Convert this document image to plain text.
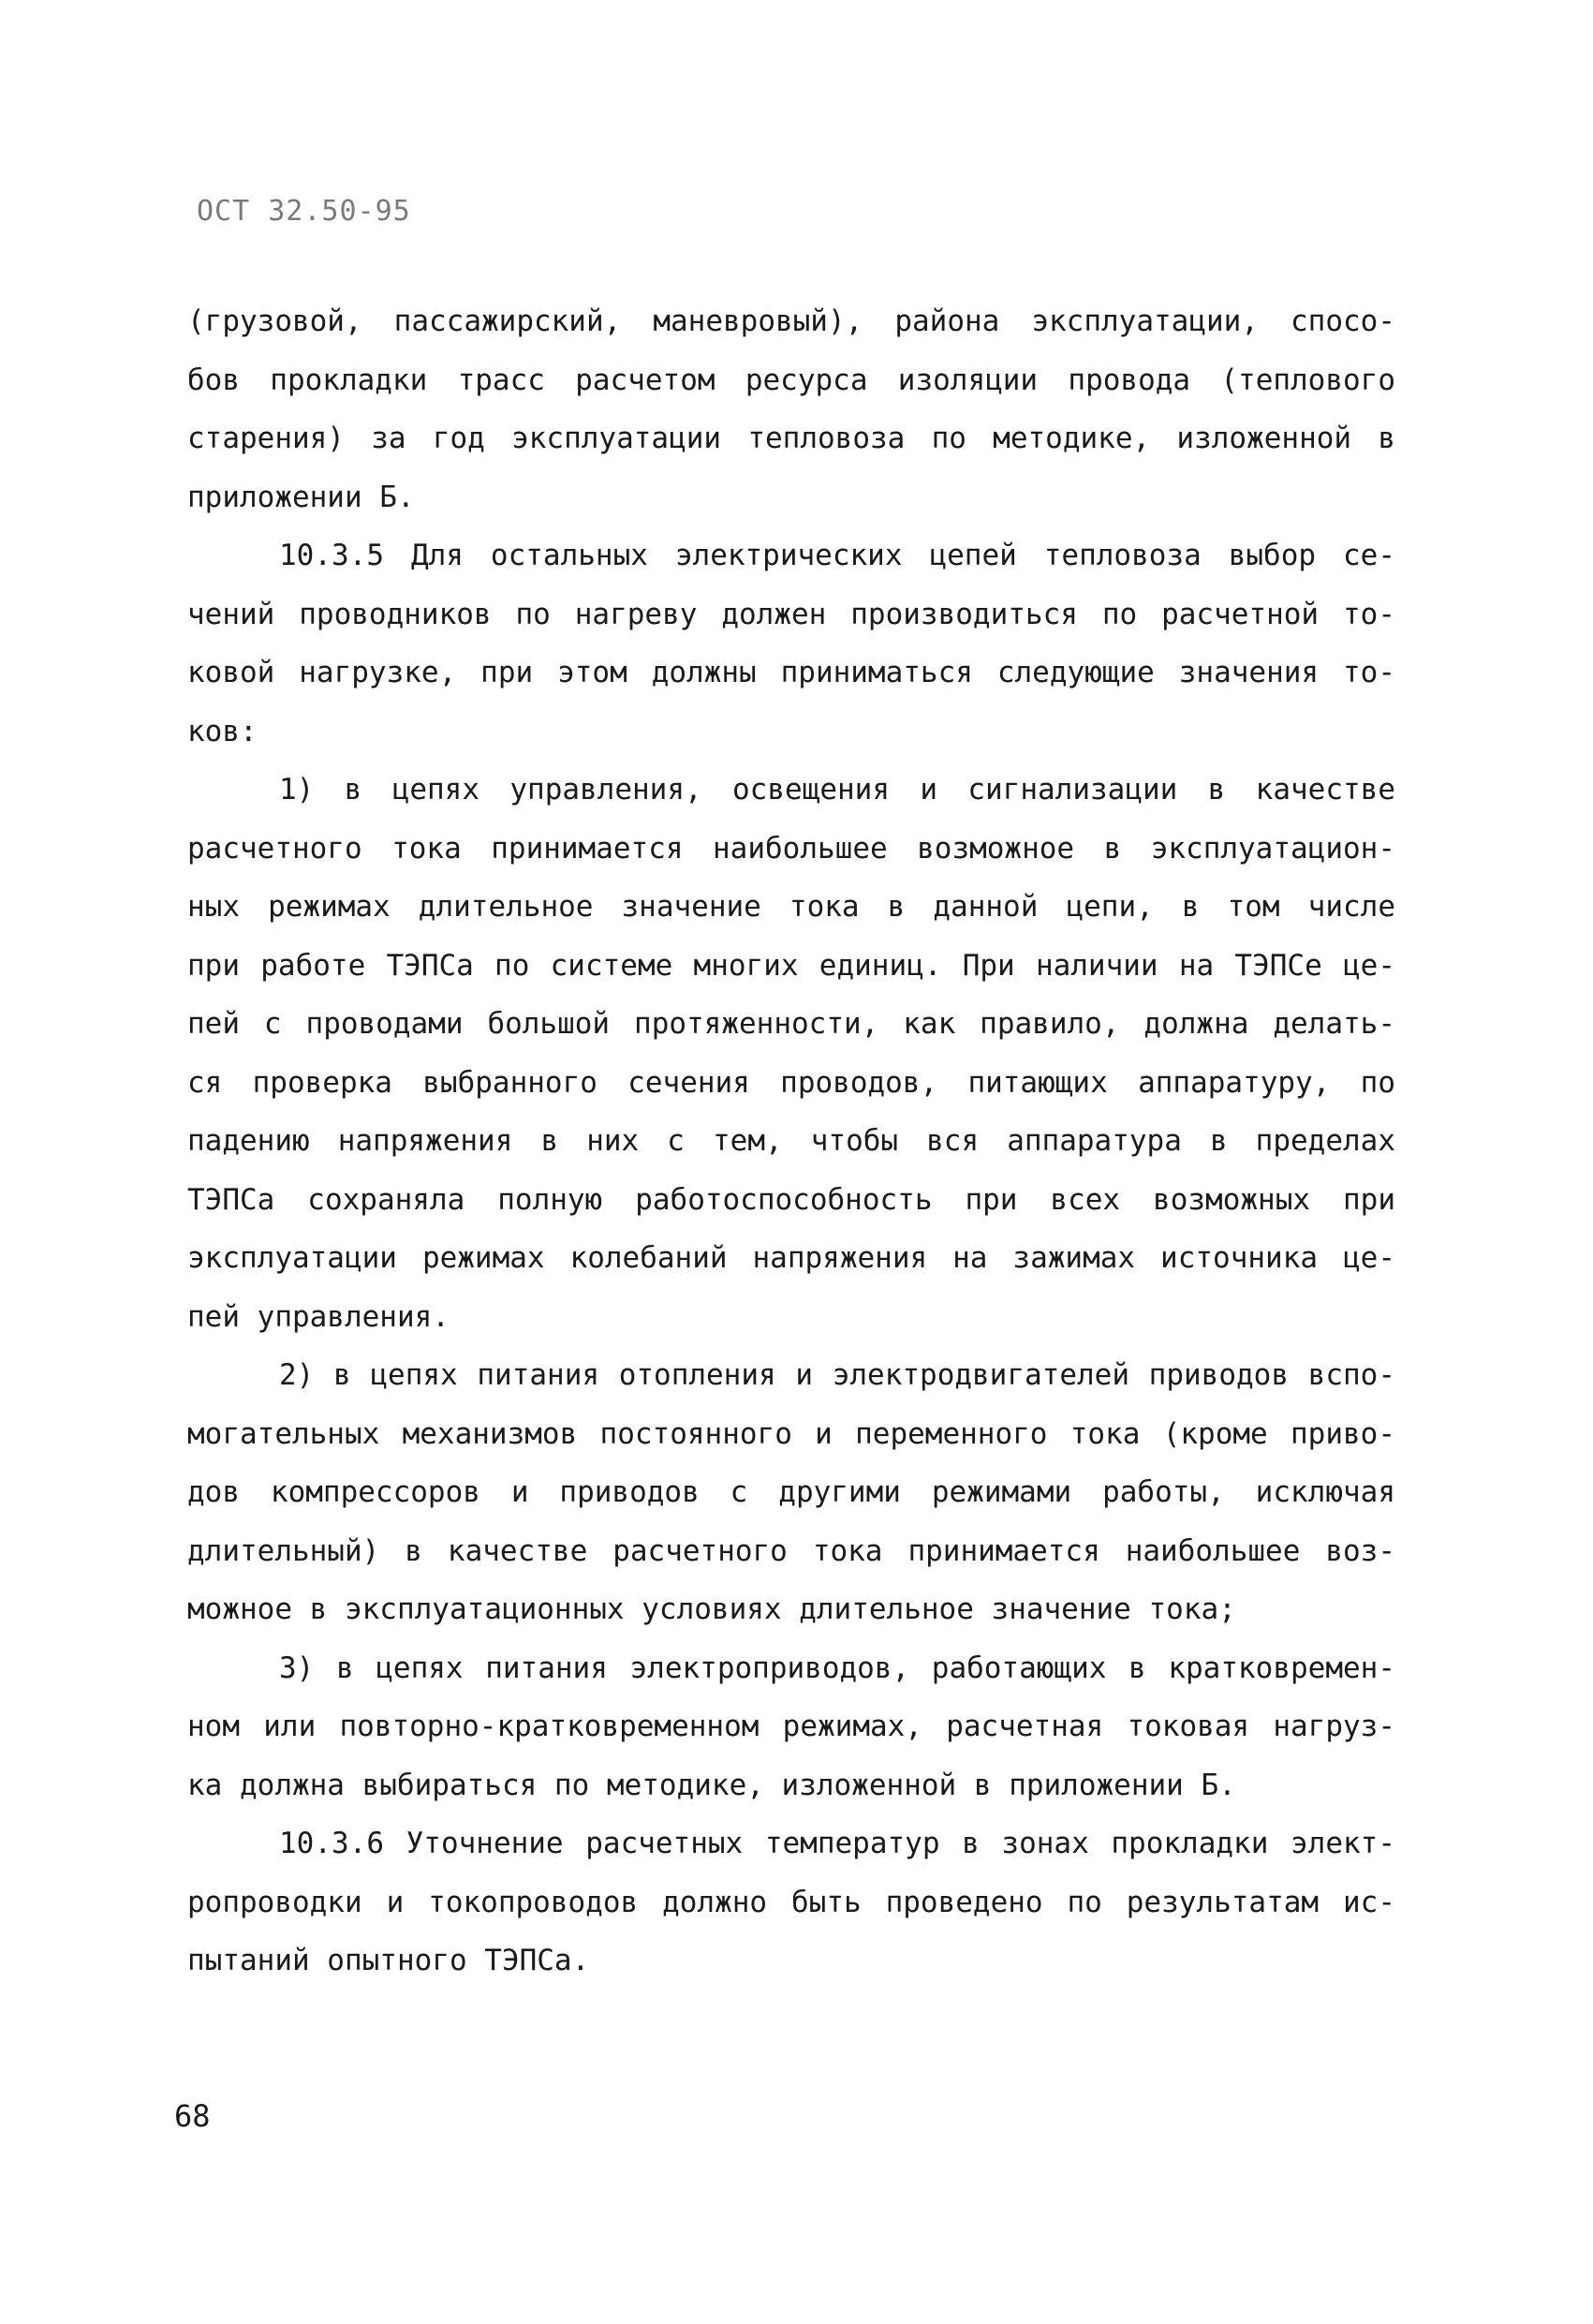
ОСТ 32.50-95
(грузовой, пассажирский, маневровый), района эксплуатации, спосо-
бов прокладки трасс расчетом ресурса изоляции провода (теплового
старения) за год эксплуатации тепловоза по методике, изложенной в
приложении Б.
10.3.5 Для остальных электрических цепей тепловоза выбор се-
чений проводников по нагреву должен производиться по расчетной то-
ковой нагрузке, при этом должны приниматься следующие значения то-
ков:
1) в цепях управления, освещения и сигнализации в качестве
расчетного тока принимается наибольшее возможное в эксплуатацион-
ных режимах длительное значение тока в данной цепи, в том числе
при работе ТЭПСа по системе многих единиц. При наличии на ТЭПСе це-
пей с проводами большой протяженности, как правило, должна делать-
ся проверка выбранного сечения проводов, питающих аппаратуру, по
падению напряжения в них с тем, чтобы вся аппаратура в пределах
ТЭПСа сохраняла полную работоспособность при всех возможных при
эксплуатации режимах колебаний напряжения на зажимах источника це-
пей управления.
2) в цепях питания отопления и электродвигателей приводов вспо-
могательных механизмов постоянного и переменного тока (кроме приво-
дов компрессоров и приводов с другими режимами работы, исключая
длительный) в качестве расчетного тока принимается наибольшее воз-
можное в эксплуатационных условиях длительное значение тока;
3) в цепях питания электроприводов, работающих в кратковремен-
ном или повторно-кратковременном режимах, расчетная токовая нагруз-
ка должна выбираться по методике, изложенной в приложении Б.
10.3.6 Уточнение расчетных температур в зонах прокладки элект-
ропроводки и токопроводов должно быть проведено по результатам ис-
пытаний опытного ТЭПСа.
68
